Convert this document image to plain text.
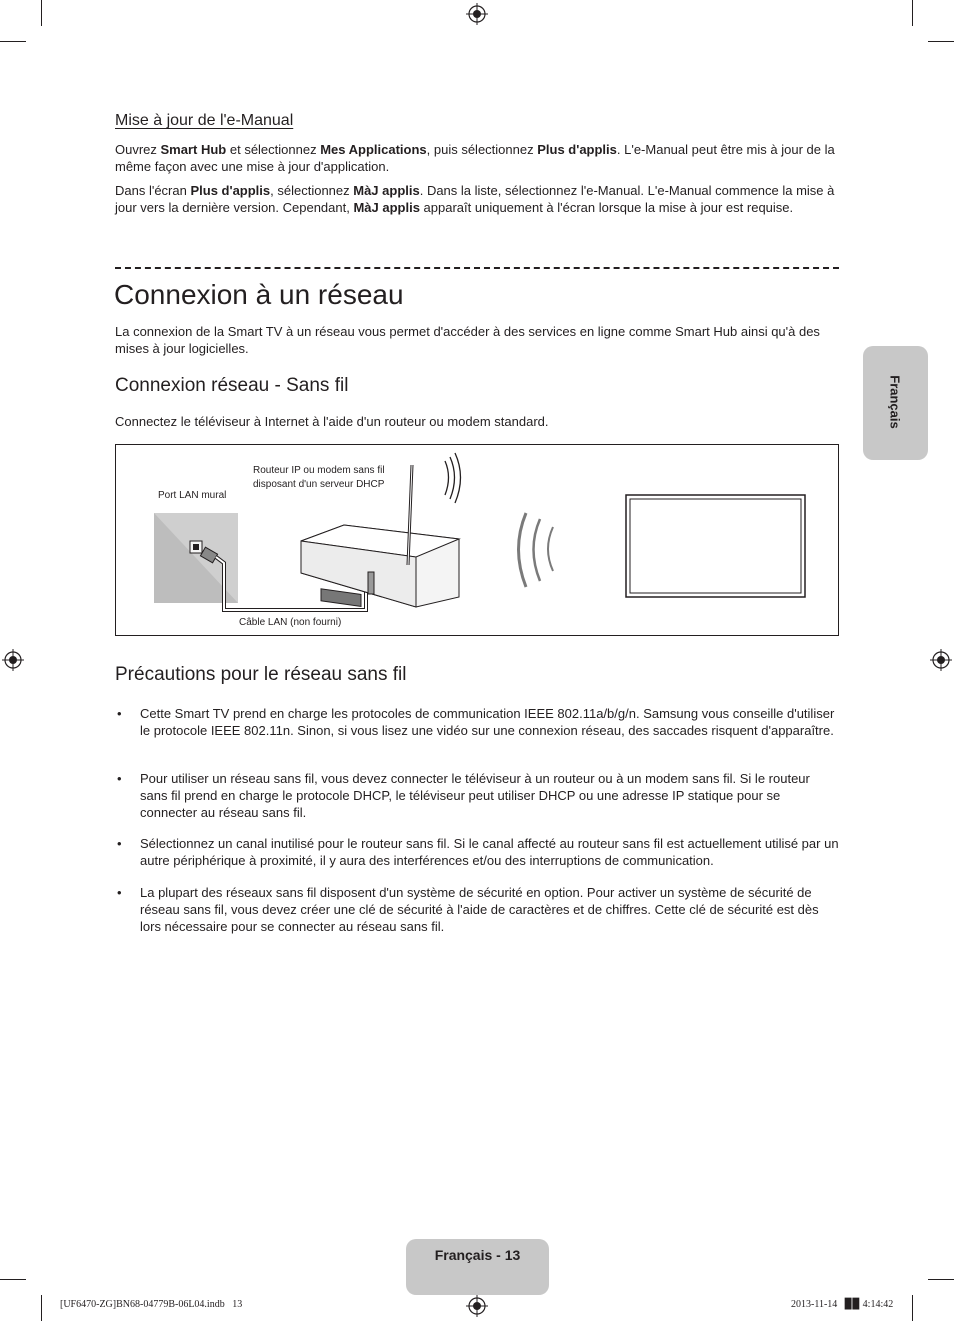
Mise à jour de l'e-Manual

Ouvrez Smart Hub et sélectionnez Mes Applications, puis sélectionnez Plus d'applis. L'e-Manual peut être mis à jour de la même façon avec une mise à jour d'application.

Dans l'écran Plus d'applis, sélectionnez MàJ applis. Dans la liste, sélectionnez l'e-Manual. L'e-Manual commence la mise à jour vers la dernière version. Cependant, MàJ applis apparaît uniquement à l'écran lorsque la mise à jour est requise.

Connexion à un réseau

La connexion de la Smart TV à un réseau vous permet d'accéder à des services en ligne comme Smart Hub ainsi qu'à des mises à jour logicielles.

Connexion réseau - Sans fil

Connectez le téléviseur à Internet à l'aide d'un routeur ou modem standard.

Routeur IP ou modem sans fil
disposant d'un serveur DHCP
Port LAN mural
Câble LAN (non fourni)
Précautions pour le réseau sans fil
• Cette Smart TV prend en charge les protocoles de communication IEEE 802.11a/b/g/n. Samsung vous conseille d'utiliser le protocole IEEE 802.11n. Sinon, si vous lisez une vidéo sur une connexion réseau, des saccades risquent d'apparaître.

• Pour utiliser un réseau sans fil, vous devez connecter le téléviseur à un routeur ou à un modem sans fil. Si le routeur sans fil prend en charge le protocole DHCP, le téléviseur peut utiliser DHCP ou une adresse IP statique pour se connecter au réseau sans fil.

• Sélectionnez un canal inutilisé pour le routeur sans fil. Si le canal affecté au routeur sans fil est actuellement utilisé par un autre périphérique à proximité, il y aura des interférences et/ou des interruptions de communication.

• La plupart des réseaux sans fil disposent d'un système de sécurité en option. Pour activer un système de sécurité de réseau sans fil, vous devez créer une clé de sécurité à l'aide de caractères et de chiffres. Cette clé de sécurité est dès lors nécessaire pour se connecter au réseau sans fil.

Français
Français - 13
[UF6470-ZG]BN68-04779B-06L04.indb   13	2013-11-14   ▉▉ 4:14:42
